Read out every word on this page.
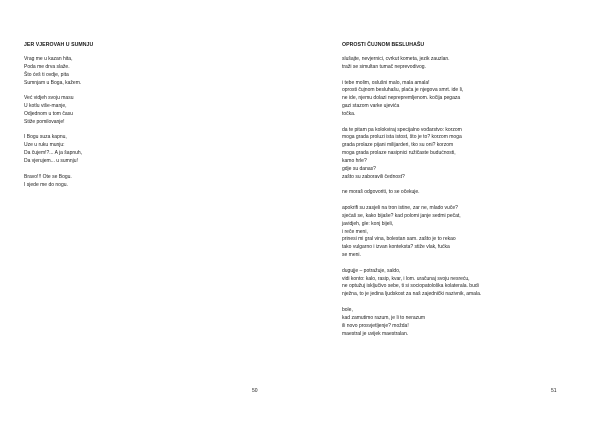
JER VJEROVAH U SUMNJU
Vrag me u kazan hita,
Poda me drva slaže.
Što ćeš ti ovdje, pita
Sumnjam u Boga, kažem.
Već vidjeh svoju masu
U kotlu više-manje,
Odjednom u tom času
Stiže pomilovanje!
I Bogu suza kapnu,
Uze u ruku munju:
Da čujem!?... A ja šapnuh,
Da vjerujem... u sumnju!
Bravo!!! Ote se Bogu.
I sjede me do nogu.
50
OPROSTI ČUJNOM BESLUHAŠU
slušajte, nevjernici, cvrkut kometa, jezik zauzlan.
traži se simultan tumač neprevodivog.
i tebe molim, oslušni malo, mala amala!
oprosti čujnom besluhašu, plaća je njegova smrt. ide li,
ne ide, njemu dolazi neprepremljenom. kočija pegaza
gazi stazom varke ujevića
točka.
da te pitam pa kolokviraj specijalno vođarstvo: korzom
moga grada proluzi ista istost, što je to? korzom moga
grada prolaze pijani milijarderi, tko su oni? korzom
moga grada prolaze nasipnici ružičaste budućnosti,
kamo hrle?
gdje su danas?
zašto su zaboravili čednost?
ne moraš odgovoriti, to se očekuje.
apokrifi su zasjeli na tron istine, zar ne, mlado vuče?
sjećaš se, kako bijaše? kad polomi janje sedmi pečat,
javidjeh, gle: konj bijeli,
i reče meni,
prinesi mi gral vina, bolestan sam. zašto je to rekao
tako vulgarno i izvan konteksta? stiže vlak, fućka
se meni.
dugujje – potražuje, saldo,
vidi konto: kalo, rasip, kvar, i lom. uračunaj svoju nesreću,
ne optužuj isključivo sebe, ti si sociopatološka kolaterala. budi
nježna, to je jedina ljudskost za naš zajednički nazivnik, amala.
bole,
kad zamutimo razum, je li to nerazum
ili novo prosvjetljenje? možda!
maestral je uvijek maestralan.
51
